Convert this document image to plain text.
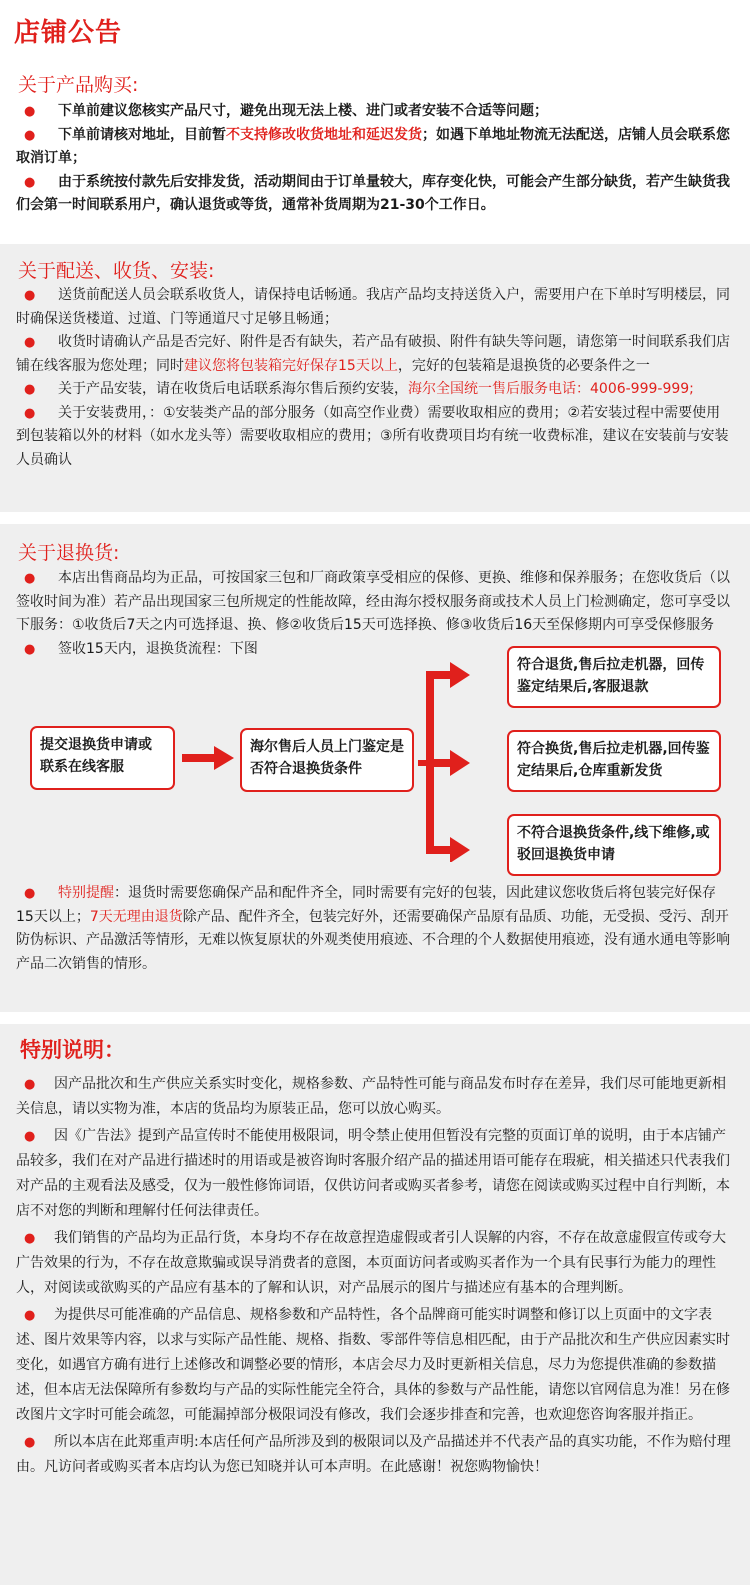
店铺公告
关于产品购买:

● 下单前建议您核实产品尺寸，避免出现无法上楼、进门或者安装不合适等问题；

● 下单前请核对地址，目前暂不支持修改收货地址和延迟发货；如遇下单地址物流无法配送，店铺人员会联系您取消订单；

● 由于系统按付款先后安排发货，活动期间由于订单量较大，库存变化快，可能会产生部分缺货，若产生缺货我们会第一时间联系用户，确认退货或等货，通常补货周期为21-30个工作日。

关于配送、收货、安装:

● 送货前配送人员会联系收货人，请保持电话畅通。我店产品均支持送货入户，需要用户在下单时写明楼层，同时确保送货楼道、过道、门等通道尺寸足够且畅通；

● 收货时请确认产品是否完好、附件是否有缺失，若产品有破损、附件有缺失等问题，请您第一时间联系我们店铺在线客服为您处理；同时建议您将包装箱完好保存15天以上，完好的包装箱是退换货的必要条件之一

● 关于产品安装，请在收货后电话联系海尔售后预约安装，海尔全国统一售后服务电话：4006-999-999;

● 关于安装费用，：①安装类产品的部分服务（如高空作业费）需要收取相应的费用；②若安装过程中需要使用到包装箱以外的材料（如水龙头等）需要收取相应的费用；③所有收费项目均有统一收费标准，建议在安装前与安装人员确认

关于退换货:

● 本店出售商品均为正品，可按国家三包和厂商政策享受相应的保修、更换、维修和保养服务；在您收货后（以签收时间为准）若产品出现国家三包所规定的性能故障，经由海尔授权服务商或技术人员上门检测确定，您可享受以下服务：①收货后7天之内可选择退、换、修②收货后15天可选择换、修③收货后16天至保修期内可享受保修服务

● 签收15天内，退换货流程：下图

提交退换货申请或联系在线客服
海尔售后人员上门鉴定是否符合退换货条件
符合退货,售后拉走机器，回传鉴定结果后,客服退款
符合换货,售后拉走机器,回传鉴定结果后,仓库重新发货
不符合退换货条件,线下维修,或驳回退换货申请

● 特别提醒：退货时需要您确保产品和配件齐全，同时需要有完好的包装，因此建议您收货后将包装完好保存15天以上；7天无理由退货除产品、配件齐全，包装完好外，还需要确保产品原有品质、功能，无受损、受污、刮开防伪标识、产品激活等情形，无难以恢复原状的外观类使用痕迹、不合理的个人数据使用痕迹，没有通水通电等影响产品二次销售的情形。

特别说明：

● 因产品批次和生产供应关系实时变化，规格参数、产品特性可能与商品发布时存在差异，我们尽可能地更新相关信息，请以实物为准，本店的货品均为原装正品，您可以放心购买。

● 因《广告法》提到产品宣传时不能使用极限词，明令禁止使用但暂没有完整的页面订单的说明，由于本店铺产品较多，我们在对产品进行描述时的用语或是被咨询时客服介绍产品的描述用语可能存在瑕疵，相关描述只代表我们对产品的主观看法及感受，仅为一般性修饰词语，仅供访问者或购买者参考，请您在阅读或购买过程中自行判断，本店不对您的判断和理解付任何法律责任。

● 我们销售的产品均为正品行货，本身均不存在故意捏造虚假或者引人误解的内容，不存在故意虚假宣传或夸大广告效果的行为，不存在故意欺骗或误导消费者的意图，本页面访问者或购买者作为一个具有民事行为能力的理性人，对阅读或欲购买的产品应有基本的了解和认识，对产品展示的图片与描述应有基本的合理判断。

● 为提供尽可能准确的产品信息、规格参数和产品特性，各个品牌商可能实时调整和修订以上页面中的文字表述、图片效果等内容，以求与实际产品性能、规格、指数、零部件等信息相匹配，由于产品批次和生产供应因素实时变化，如遇官方确有进行上述修改和调整必要的情形，本店会尽力及时更新相关信息，尽力为您提供准确的参数描述，但本店无法保障所有参数均与产品的实际性能完全符合，具体的参数与产品性能，请您以官网信息为准！另在修改图片文字时可能会疏忽，可能漏掉部分极限词没有修改，我们会逐步排查和完善，也欢迎您咨询客服并指正。

● 所以本店在此郑重声明:本店任何产品所涉及到的极限词以及产品描述并不代表产品的真实功能，不作为赔付理由。凡访问者或购买者本店均认为您已知晓并认可本声明。在此感谢！祝您购物愉快！
